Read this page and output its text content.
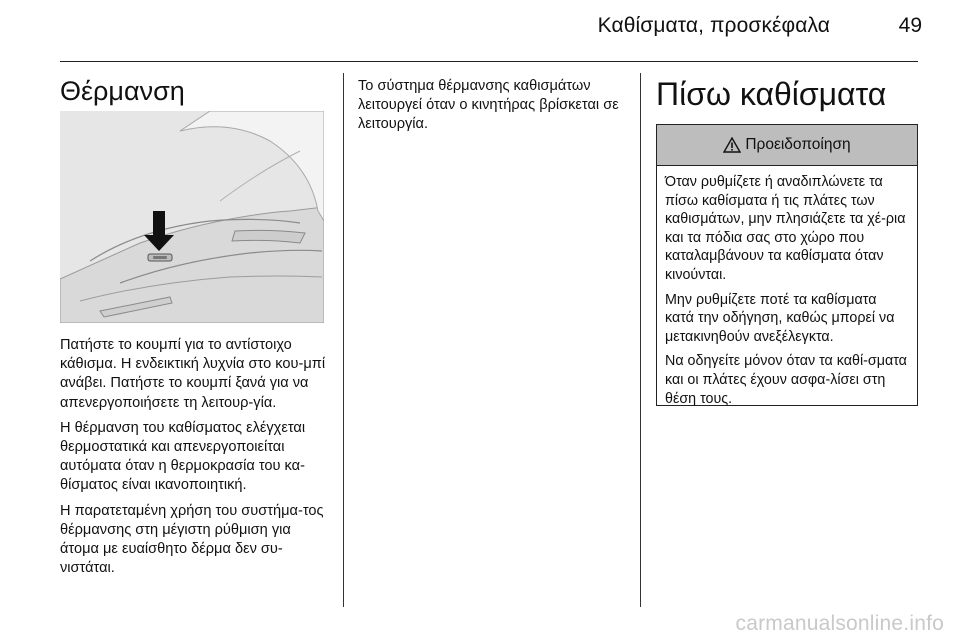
Καθίσματα, προσκέφαλα	49
Θέρμανση

Πατήστε το κουμπί για το αντίστοιχο κάθισμα. Η ενδεικτική λυχνία στο κου-μπί ανάβει. Πατήστε το κουμπί ξανά για να απενεργοποιήσετε τη λειτουρ-γία.

Η θέρμανση του καθίσματος ελέγχεται θερμοστατικά και απενεργοποιείται αυτόματα όταν η θερμοκρασία του κα-θίσματος είναι ικανοποιητική.

Η παρατεταμένη χρήση του συστήμα-τος θέρμανσης στη μέγιστη ρύθμιση για άτομα με ευαίσθητο δέρμα δεν συ-νιστάται.

Το σύστημα θέρμανσης καθισμάτων λειτουργεί όταν ο κινητήρας βρίσκεται σε λειτουργία.

Πίσω καθίσματα
Προειδοποίηση

Όταν ρυθμίζετε ή αναδιπλώνετε τα πίσω καθίσματα ή τις πλάτες των καθισμάτων, μην πλησιάζετε τα χέ-ρια και τα πόδια σας στο χώρο που καταλαμβάνουν τα καθίσματα όταν κινούνται.

Μην ρυθμίζετε ποτέ τα καθίσματα κατά την οδήγηση, καθώς μπορεί να μετακινηθούν ανεξέλεγκτα.

Να οδηγείτε μόνον όταν τα καθί-σματα και οι πλάτες έχουν ασφα-λίσει στη θέση τους.

carmanualsonline.info
